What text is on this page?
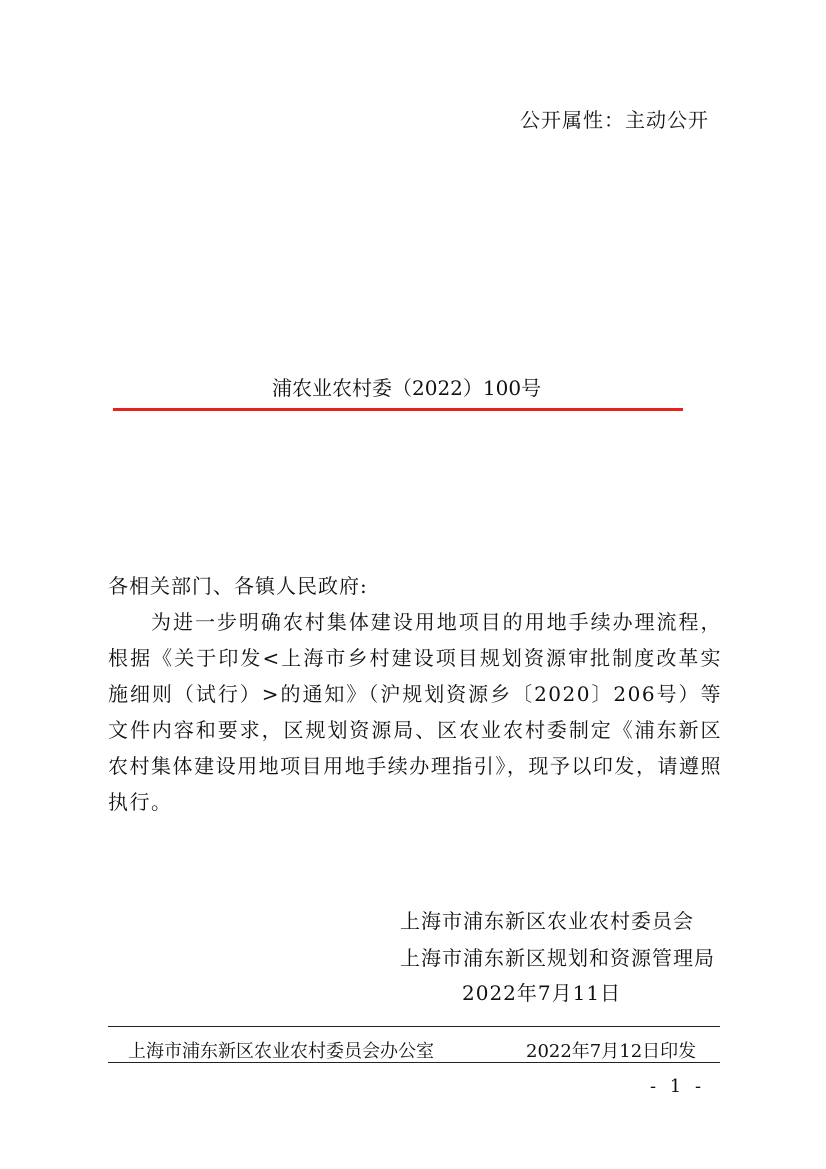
公开属性：主动公开
浦农业农村委（2022）100号
各相关部门、各镇人民政府:
为进一步明确农村集体建设用地项目的用地手续办理流程，根据《关于印发<上海市乡村建设项目规划资源审批制度改革实施细则（试行）>的通知》（沪规划资源乡〔2020〕206号）等文件内容和要求，区规划资源局、区农业农村委制定《浦东新区农村集体建设用地项目用地手续办理指引》，现予以印发，请遵照执行。
上海市浦东新区农业农村委员会
上海市浦东新区规划和资源管理局
2022年7月11日
上海市浦东新区农业农村委员会办公室	2022年7月12日印发
- 1 -
